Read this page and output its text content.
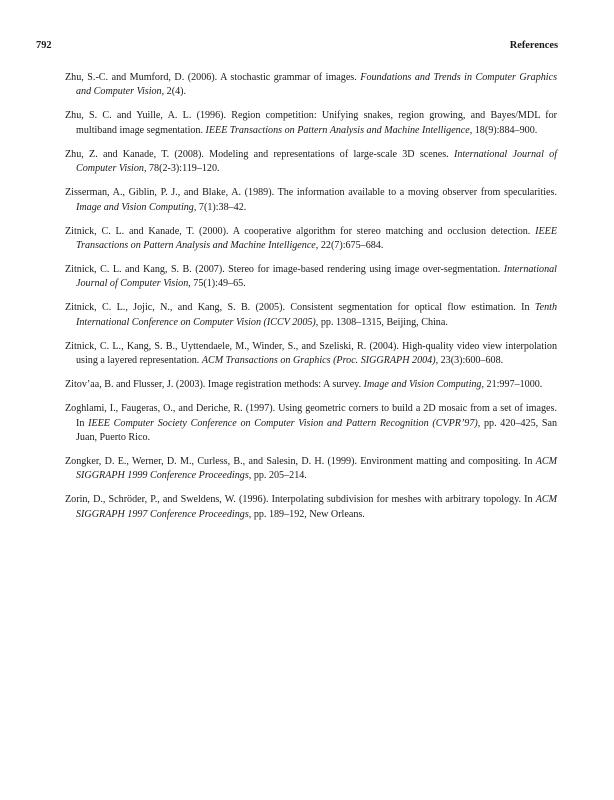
792	References
Zhu, S.-C. and Mumford, D. (2006). A stochastic grammar of images. Foundations and Trends in Computer Graphics and Computer Vision, 2(4).
Zhu, S. C. and Yuille, A. L. (1996). Region competition: Unifying snakes, region growing, and Bayes/MDL for multiband image segmentation. IEEE Transactions on Pattern Analysis and Machine Intelligence, 18(9):884–900.
Zhu, Z. and Kanade, T. (2008). Modeling and representations of large-scale 3D scenes. International Journal of Computer Vision, 78(2-3):119–120.
Zisserman, A., Giblin, P. J., and Blake, A. (1989). The information available to a moving observer from specularities. Image and Vision Computing, 7(1):38–42.
Zitnick, C. L. and Kanade, T. (2000). A cooperative algorithm for stereo matching and occlusion detection. IEEE Transactions on Pattern Analysis and Machine Intelligence, 22(7):675–684.
Zitnick, C. L. and Kang, S. B. (2007). Stereo for image-based rendering using image over-segmentation. International Journal of Computer Vision, 75(1):49–65.
Zitnick, C. L., Jojic, N., and Kang, S. B. (2005). Consistent segmentation for optical flow estimation. In Tenth International Conference on Computer Vision (ICCV 2005), pp. 1308–1315, Beijing, China.
Zitnick, C. L., Kang, S. B., Uyttendaele, M., Winder, S., and Szeliski, R. (2004). High-quality video view interpolation using a layered representation. ACM Transactions on Graphics (Proc. SIGGRAPH 2004), 23(3):600–608.
Zitov’aa, B. and Flusser, J. (2003). Image registration methods: A survey. Image and Vision Computing, 21:997–1000.
Zoghlami, I., Faugeras, O., and Deriche, R. (1997). Using geometric corners to build a 2D mosaic from a set of images. In IEEE Computer Society Conference on Computer Vision and Pattern Recognition (CVPR’97), pp. 420–425, San Juan, Puerto Rico.
Zongker, D. E., Werner, D. M., Curless, B., and Salesin, D. H. (1999). Environment matting and compositing. In ACM SIGGRAPH 1999 Conference Proceedings, pp. 205–214.
Zorin, D., Schröder, P., and Sweldens, W. (1996). Interpolating subdivision for meshes with arbitrary topology. In ACM SIGGRAPH 1997 Conference Proceedings, pp. 189–192, New Orleans.
